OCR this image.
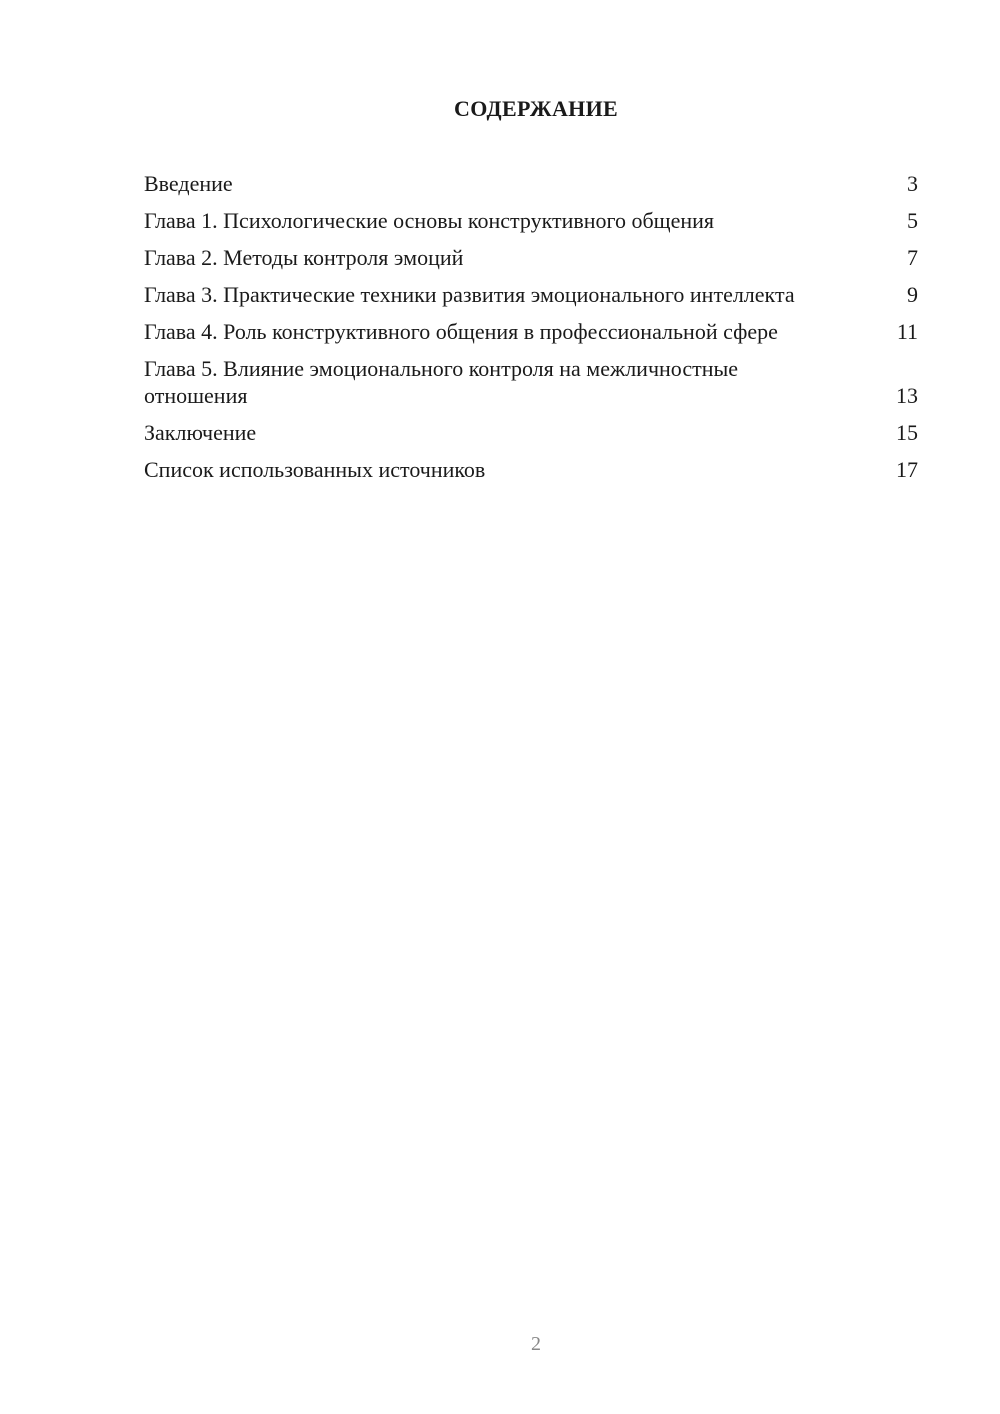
СОДЕРЖАНИЕ
Введение	3
Глава 1. Психологические основы конструктивного общения	5
Глава 2. Методы контроля эмоций	7
Глава 3. Практические техники развития эмоционального интеллекта	9
Глава 4. Роль конструктивного общения в профессиональной сфере	11
Глава 5. Влияние эмоционального контроля на межличностные отношения	13
Заключение	15
Список использованных источников	17
2
